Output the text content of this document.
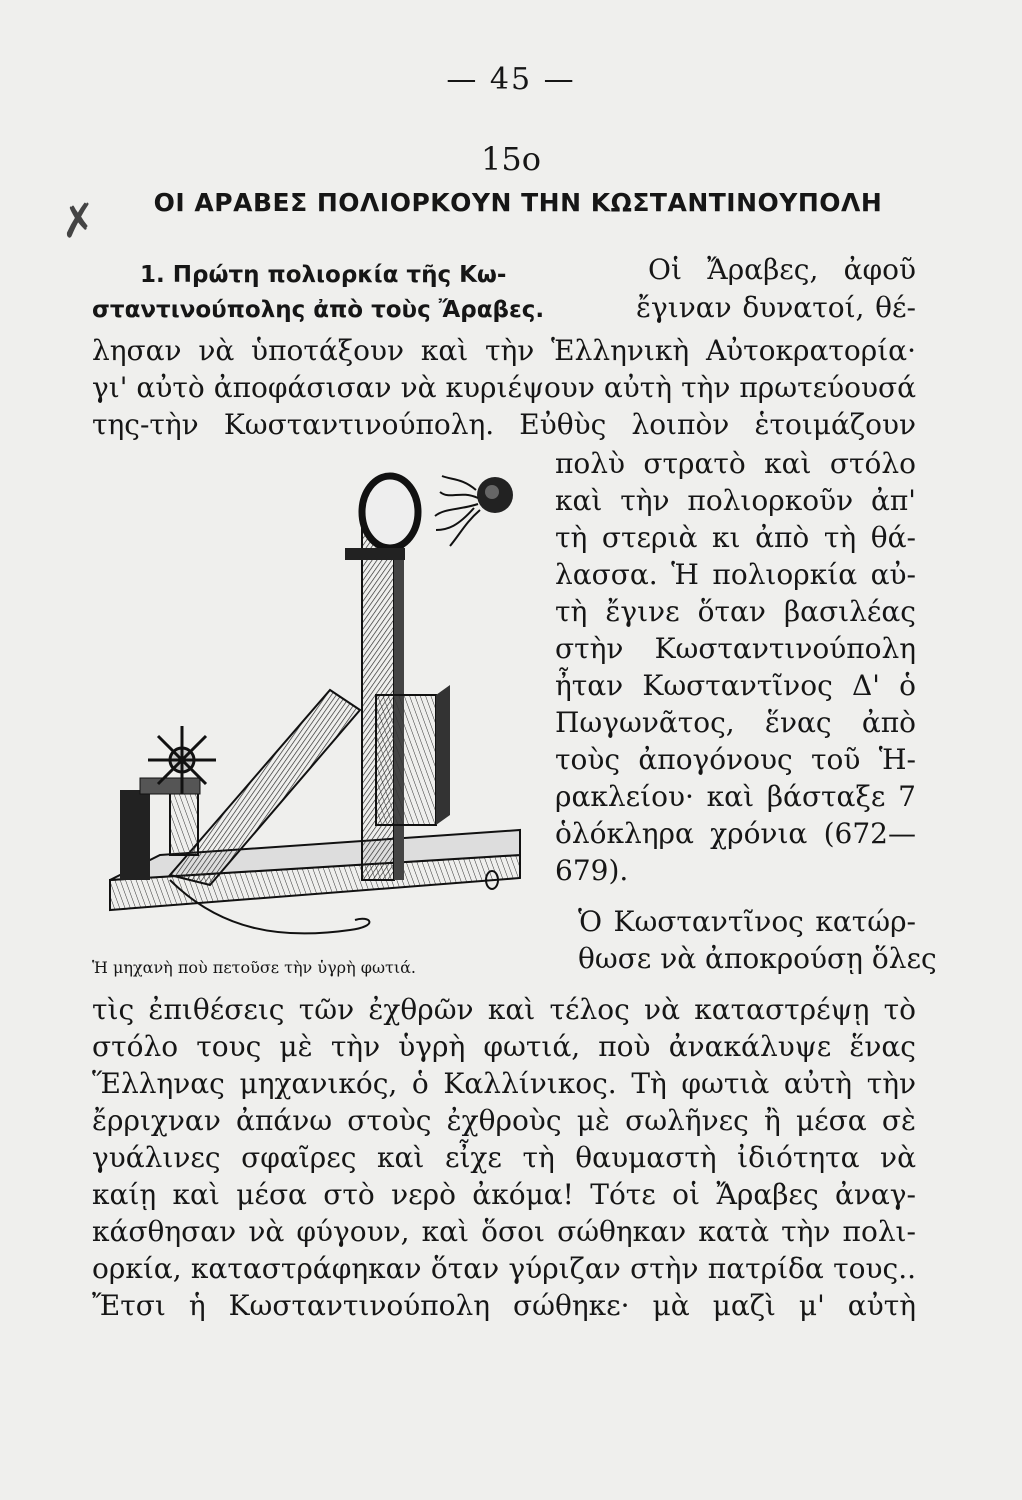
— 45 —
15ο
✗	ΟΙ ΑΡΑΒΕΣ ΠΟΛΙΟΡΚΟΥΝ ΤΗΝ ΚΩΣΤΑΝΤΙΝΟΥΠΟΛΗ
1. Πρώτη πολιορκία τῆς Κω-
σταντινούπολης ἀπὸ τοὺς Ἄραβες.
Οἱ Ἄραβες, ἀφοῦ
ἔγιναν δυνατοί, θέ-
λησαν νὰ ὑποτάξουν καὶ τὴν Ἑλληνικὴ Αὐτοκρατορία·
γι' αὐτὸ ἀποφάσισαν νὰ κυριέψουν αὐτὴ τὴν πρωτεύουσά
της-τὴν Κωσταντινούπολη. Εὐθὺς λοιπὸν ἑτοιμάζουν
πολὺ στρατὸ καὶ στόλο
καὶ τὴν πολιορκοῦν ἀπ'
τὴ στεριὰ κι ἀπὸ τὴ θά-
λασσα. Ἡ πολιορκία αὐ-
τὴ ἔγινε ὅταν βασιλέας
στὴν Κωσταντινούπολη
ἦταν Κωσταντῖνος Δ' ὁ
Πωγωνᾶτος, ἕνας ἀπὸ
τοὺς ἀπογόνους τοῦ Ἡ-
ρακλείου· καὶ βάσταξε 7
ὁλόκληρα χρόνια (672—
679).
Ὁ Κωσταντῖνος κατώρ-
θωσε νὰ ἀποκρούσῃ ὅλες
Ἡ μηχανὴ ποὺ πετοῦσε τὴν ὑγρὴ φωτιά.
τὶς ἐπιθέσεις τῶν ἐχθρῶν καὶ τέλος νὰ καταστρέψῃ τὸ
στόλο τους μὲ τὴν ὑγρὴ φωτιά, ποὺ ἀνακάλυψε ἕνας
Ἕλληνας μηχανικός, ὁ Καλλίνικος. Τὴ φωτιὰ αὐτὴ τὴν
ἔρριχναν ἀπάνω στοὺς ἐχθροὺς μὲ σωλῆνες ἢ μέσα σὲ
γυάλινες σφαῖρες καὶ εἶχε τὴ θαυμαστὴ ἰδιότητα νὰ
καίῃ καὶ μέσα στὸ νερὸ ἀκόμα! Τότε οἱ Ἄραβες ἀναγ-
κάσθησαν νὰ φύγουν, καὶ ὅσοι σώθηκαν κατὰ τὴν πολι-
ορκία, καταστράφηκαν ὅταν γύριζαν στὴν πατρίδα τους..
Ἔτσι ἡ Κωσταντινούπολη σώθηκε· μὰ μαζὶ μ' αὐτὴ
